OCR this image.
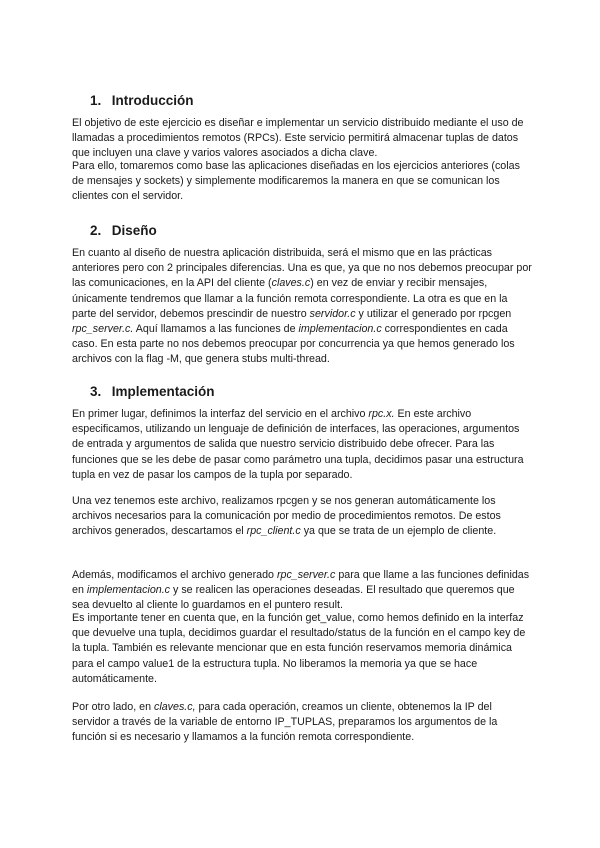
1. Introducción

El objetivo de este ejercicio es diseñar e implementar un servicio distribuido mediante el uso de llamadas a procedimientos remotos (RPCs). Este servicio permitirá almacenar tuplas de datos que incluyen una clave y varios valores asociados a dicha clave.

Para ello, tomaremos como base las aplicaciones diseñadas en los ejercicios anteriores (colas de mensajes y sockets) y simplemente modificaremos la manera en que se comunican los clientes con el servidor.

2. Diseño

En cuanto al diseño de nuestra aplicación distribuida, será el mismo que en las prácticas anteriores pero con 2 principales diferencias. Una es que, ya que no nos debemos preocupar por las comunicaciones, en la API del cliente (claves.c) en vez de enviar y recibir mensajes, únicamente tendremos que llamar a la función remota correspondiente. La otra es que en la parte del servidor, debemos prescindir de nuestro servidor.c y utilizar el generado por rpcgen rpc_server.c. Aquí llamamos a las funciones de implementacion.c correspondientes en cada caso. En esta parte no nos debemos preocupar por concurrencia ya que hemos generado los archivos con la flag -M, que genera stubs multi-thread.

3. Implementación

En primer lugar, definimos la interfaz del servicio en el archivo rpc.x. En este archivo especificamos, utilizando un lenguaje de definición de interfaces, las operaciones, argumentos de entrada y argumentos de salida que nuestro servicio distribuido debe ofrecer. Para las funciones que se les debe de pasar como parámetro una tupla, decidimos pasar una estructura tupla en vez de pasar los campos de la tupla por separado.

Una vez tenemos este archivo, realizamos rpcgen y se nos generan automáticamente los archivos necesarios para la comunicación por medio de procedimientos remotos. De estos archivos generados, descartamos el rpc_client.c ya que se trata de un ejemplo de cliente.

Además, modificamos el archivo generado rpc_server.c para que llame a las funciones definidas en implementacion.c y se realicen las operaciones deseadas. El resultado que queremos que sea devuelto al cliente lo guardamos en el puntero result.

Es importante tener en cuenta que, en la función get_value, como hemos definido en la interfaz que devuelve una tupla, decidimos guardar el resultado/status de la función en el campo key de la tupla. También es relevante mencionar que en esta función reservamos memoria dinámica para el campo value1 de la estructura tupla. No liberamos la memoria ya que se hace automáticamente.

Por otro lado, en claves.c, para cada operación, creamos un cliente, obtenemos la IP del servidor a través de la variable de entorno IP_TUPLAS, preparamos los argumentos de la función si es necesario y llamamos a la función remota correspondiente.
